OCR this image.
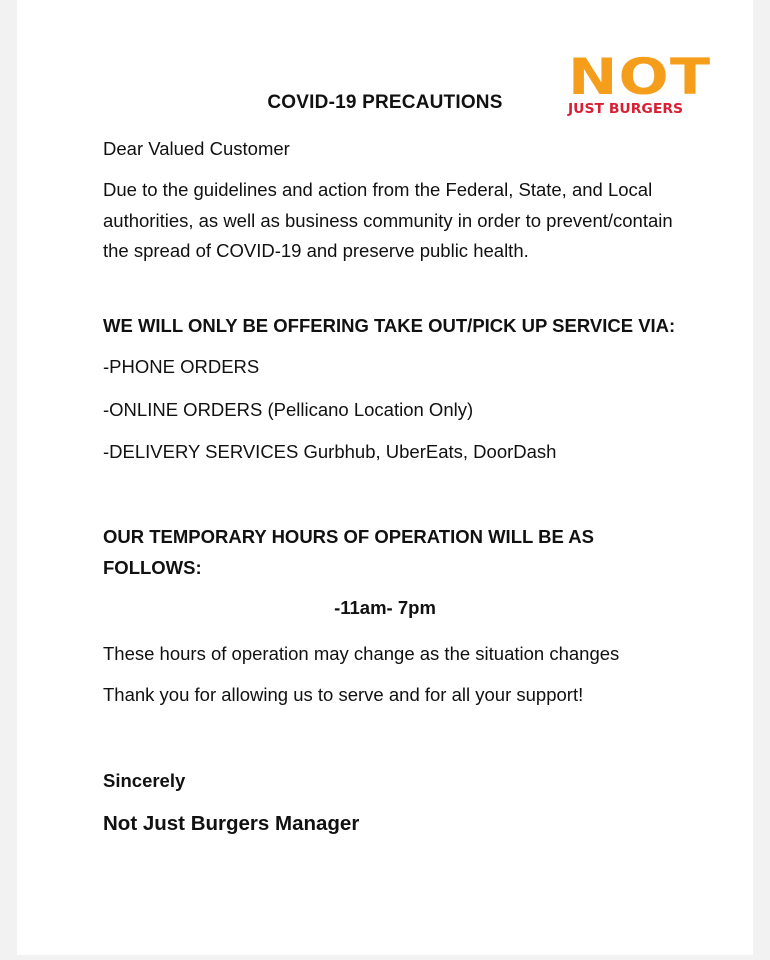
NOT
JUST BURGERS
COVID-19 PRECAUTIONS
Dear Valued Customer
Due to the guidelines and action from the Federal, State, and Local authorities, as well as business community in order to prevent/contain the spread of COVID-19 and preserve public health.
WE WILL ONLY BE OFFERING TAKE OUT/PICK UP SERVICE VIA:
-PHONE ORDERS
-ONLINE ORDERS (Pellicano Location Only)
-DELIVERY SERVICES Gurbhub, UberEats, DoorDash
OUR TEMPORARY HOURS OF OPERATION WILL BE AS FOLLOWS:
-11am- 7pm
These hours of operation may change as the situation changes
Thank you for allowing us to serve and for all your support!
Sincerely
Not Just Burgers Manager
